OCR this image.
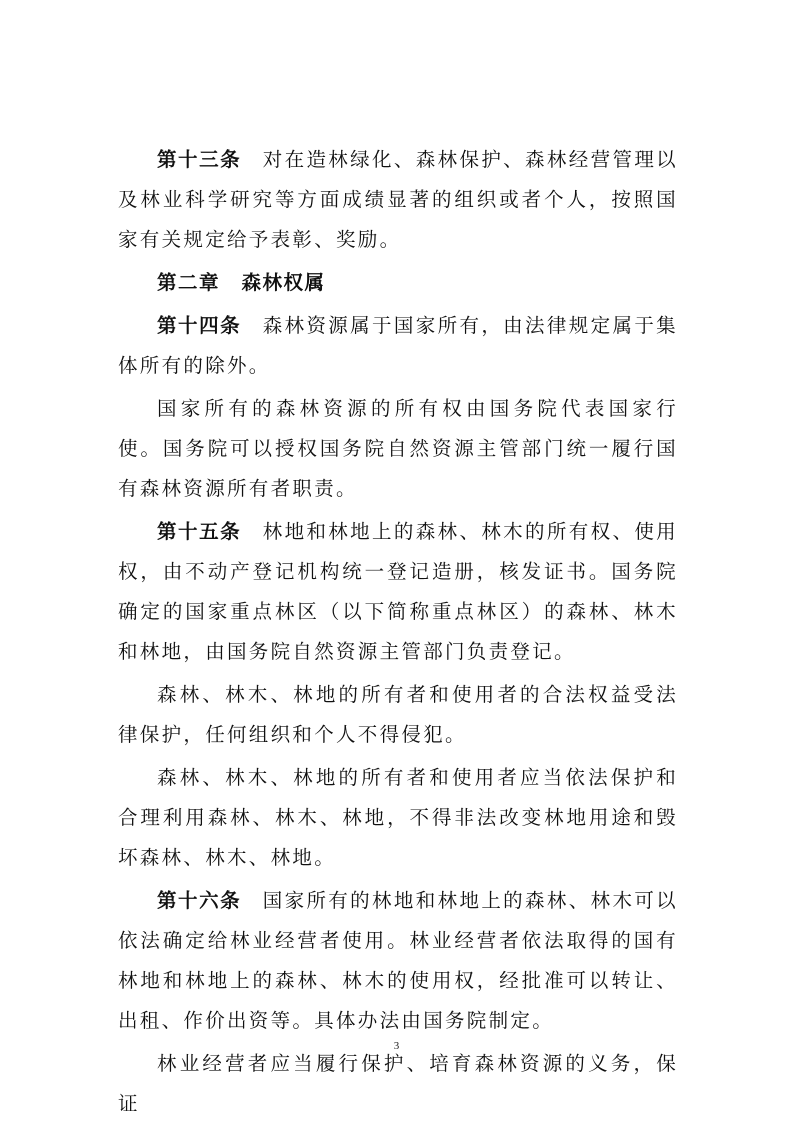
第十三条 对在造林绿化、森林保护、森林经营管理以及林业科学研究等方面成绩显著的组织或者个人，按照国家有关规定给予表彰、奖励。

第二章 森林权属

第十四条 森林资源属于国家所有，由法律规定属于集体所有的除外。

国家所有的森林资源的所有权由国务院代表国家行使。国务院可以授权国务院自然资源主管部门统一履行国有森林资源所有者职责。

第十五条 林地和林地上的森林、林木的所有权、使用权，由不动产登记机构统一登记造册，核发证书。国务院确定的国家重点林区（以下简称重点林区）的森林、林木和林地，由国务院自然资源主管部门负责登记。

森林、林木、林地的所有者和使用者的合法权益受法律保护，任何组织和个人不得侵犯。

森林、林木、林地的所有者和使用者应当依法保护和合理利用森林、林木、林地，不得非法改变林地用途和毁坏森林、林木、林地。

第十六条 国家所有的林地和林地上的森林、林木可以依法确定给林业经营者使用。林业经营者依法取得的国有林地和林地上的森林、林木的使用权，经批准可以转让、出租、作价出资等。具体办法由国务院制定。

林业经营者应当履行保护、培育森林资源的义务，保证

3
